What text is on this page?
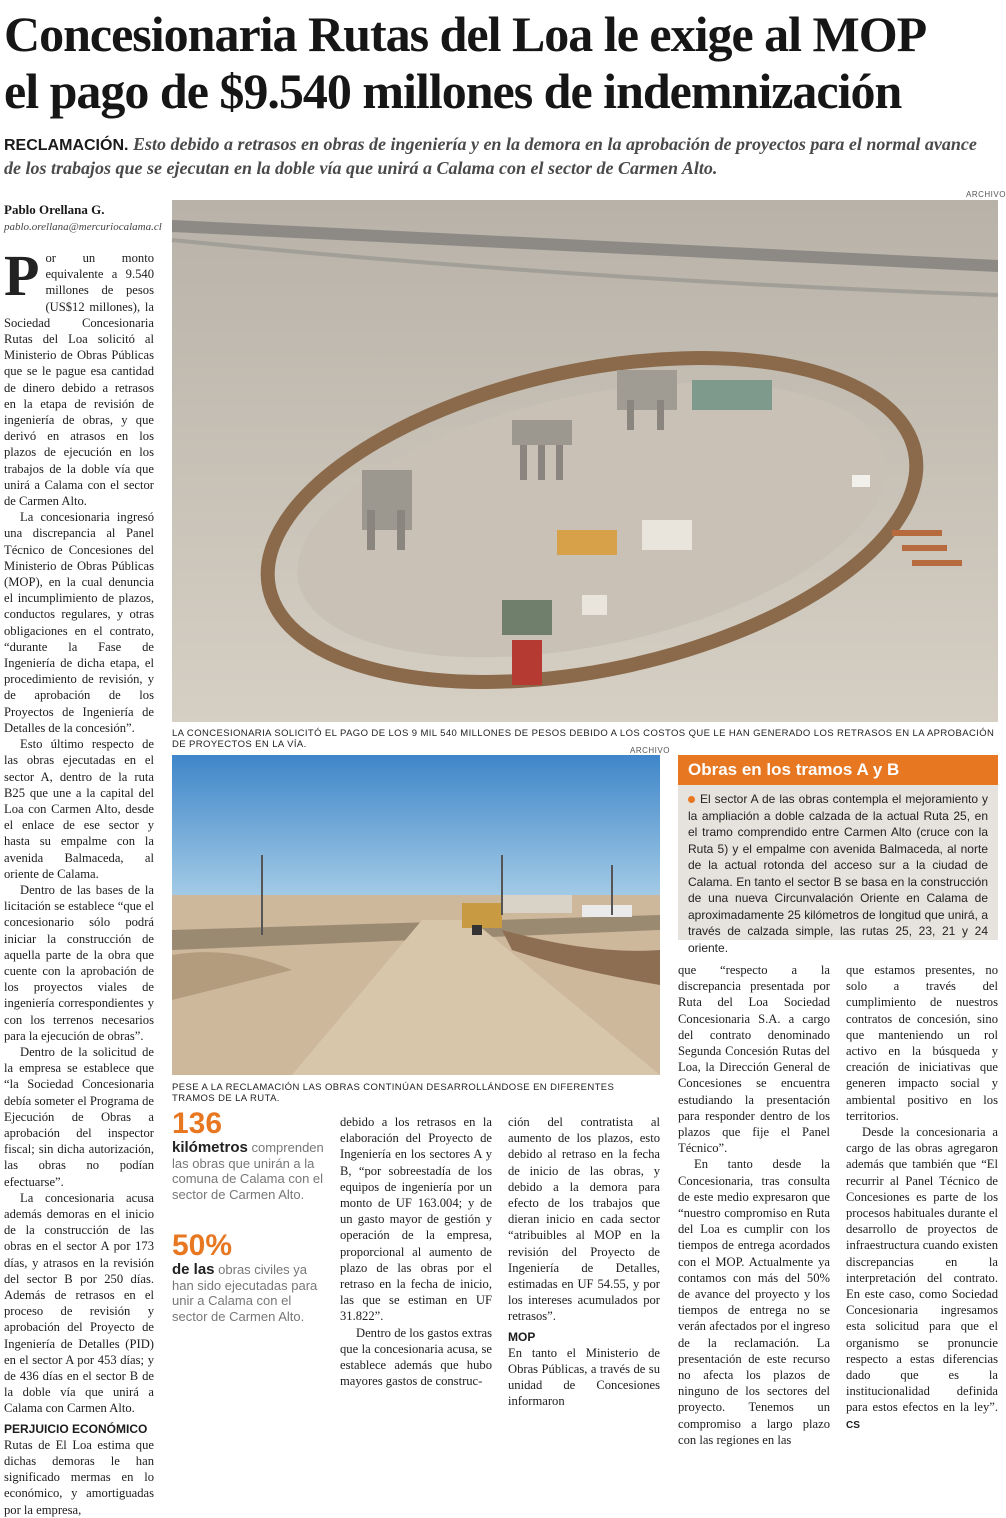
Concesionaria Rutas del Loa le exige al MOP
el pago de $9.540 millones de indemnización
RECLAMACIÓN. Esto debido a retrasos en obras de ingeniería y en la demora en la aprobación de proyectos para el normal avance de los trabajos que se ejecutan en la doble vía que unirá a Calama con el sector de Carmen Alto.
Pablo Orellana G.
pablo.orellana@mercuriocalama.cl
ARCHIVO
LA CONCESIONARIA SOLICITÓ EL PAGO DE LOS 9 MIL 540 MILLONES DE PESOS DEBIDO A LOS COSTOS QUE LE HAN GENERADO LOS RETRASOS EN LA APROBACIÓN DE PROYECTOS EN LA VÍA.
ARCHIVO
PESE A LA RECLAMACIÓN LAS OBRAS CONTINÚAN DESARROLLÁNDOSE EN DIFERENTES TRAMOS DE LA RUTA.

Por un monto equivalente a 9.540 millones de pesos (US$12 millones), la Sociedad Concesionaria Rutas del Loa solicitó al Ministerio de Obras Públicas que se le pague esa cantidad de dinero debido a retrasos en la etapa de revisión de ingeniería de obras, y que derivó en atrasos en los plazos de ejecución en los trabajos de la doble vía que unirá a Calama con el sector de Carmen Alto.

La concesionaria ingresó una discrepancia al Panel Técnico de Concesiones del Ministerio de Obras Públicas (MOP), en la cual denuncia el incumplimiento de plazos, conductos regulares, y otras obligaciones en el contrato, “durante la Fase de Ingeniería de dicha etapa, el procedimiento de revisión, y de aprobación de los Proyectos de Ingeniería de Detalles de la concesión”.

Esto último respecto de las obras ejecutadas en el sector A, dentro de la ruta B25 que une a la capital del Loa con Carmen Alto, desde el enlace de ese sector y hasta su empalme con la avenida Balmaceda, al oriente de Calama.

Dentro de las bases de la licitación se establece “que el concesionario sólo podrá iniciar la construcción de aquella parte de la obra que cuente con la aprobación de los proyectos viales de ingeniería correspondientes y con los terrenos necesarios para la ejecución de obras”.

Dentro de la solicitud de la empresa se establece que “la Sociedad Concesionaria debía someter el Programa de Ejecución de Obras a aprobación del inspector fiscal; sin dicha autorización, las obras no podían efectuarse”.

La concesionaria acusa además demoras en el inicio de la construcción de las obras en el sector A por 173 días, y atrasos en la revisión del sector B por 250 días. Además de retrasos en el proceso de revisión y aprobación del Proyecto de Ingeniería de Detalles (PID) en el sector A por 453 días; y de 436 días en el sector B de la doble vía que unirá a Calama con Carmen Alto.

PERJUICIO ECONÓMICO

Rutas de El Loa estima que dichas demoras le han significado mermas en lo económico, y amortiguadas por la empresa,

136
kilómetros comprenden las obras que unirán a la comuna de Calama con el sector de Carmen Alto.
50%
de las obras civiles ya han sido ejecutadas para unir a Calama con el sector de Carmen Alto.

debido a los retrasos en la elaboración del Proyecto de Ingeniería en los sectores A y B, “por sobreestadía de los equipos de ingeniería por un monto de UF 163.004; y de un gasto mayor de gestión y operación de la empresa, proporcional al aumento de plazo de las obras por el retraso en la fecha de inicio, las que se estiman en UF 31.822”.

Dentro de los gastos extras que la concesionaria acusa, se establece además que hubo mayores gastos de construc-

ción del contratista al aumento de los plazos, esto debido al retraso en la fecha de inicio de las obras, y debido a la demora para efecto de los trabajos que dieran inicio en cada sector “atribuibles al MOP en la revisión del Proyecto de Ingeniería de Detalles, estimadas en UF 54.55, y por los intereses acumulados por retrasos”.

MOP

En tanto el Ministerio de Obras Públicas, a través de su unidad de Concesiones informaron

Obras en los tramos A y B
El sector A de las obras contempla el mejoramiento y la ampliación a doble calzada de la actual Ruta 25, en el tramo comprendido entre Carmen Alto (cruce con la Ruta 5) y el empalme con avenida Balmaceda, al norte de la actual rotonda del acceso sur a la ciudad de Calama. En tanto el sector B se basa en la construcción de una nueva Circunvalación Oriente en Calama de aproximadamente 25 kilómetros de longitud que unirá, a través de calzada simple, las rutas 25, 23, 21 y 24 oriente.

que “respecto a la discrepancia presentada por Ruta del Loa Sociedad Concesionaria S.A. a cargo del contrato denominado Segunda Concesión Rutas del Loa, la Dirección General de Concesiones se encuentra estudiando la presentación para responder dentro de los plazos que fije el Panel Técnico”.

En tanto desde la Concesionaria, tras consulta de este medio expresaron que “nuestro compromiso en Ruta del Loa es cumplir con los tiempos de entrega acordados con el MOP. Actualmente ya contamos con más del 50% de avance del proyecto y los tiempos de entrega no se verán afectados por el ingreso de la reclamación. La presentación de este recurso no afecta los plazos de ninguno de los sectores del proyecto. Tenemos un compromiso a largo plazo con las regiones en las

que estamos presentes, no solo a través del cumplimiento de nuestros contratos de concesión, sino que manteniendo un rol activo en la búsqueda y creación de iniciativas que generen impacto social y ambiental positivo en los territorios.

Desde la concesionaria a cargo de las obras agregaron además que también que “El recurrir al Panel Técnico de Concesiones es parte de los procesos habituales durante el desarrollo de proyectos de infraestructura cuando existen discrepancias en la interpretación del contrato. En este caso, como Sociedad Concesionaria ingresamos esta solicitud para que el organismo se pronuncie respecto a estas diferencias dado que es la institucionalidad definida para estos efectos en la ley”. CS
